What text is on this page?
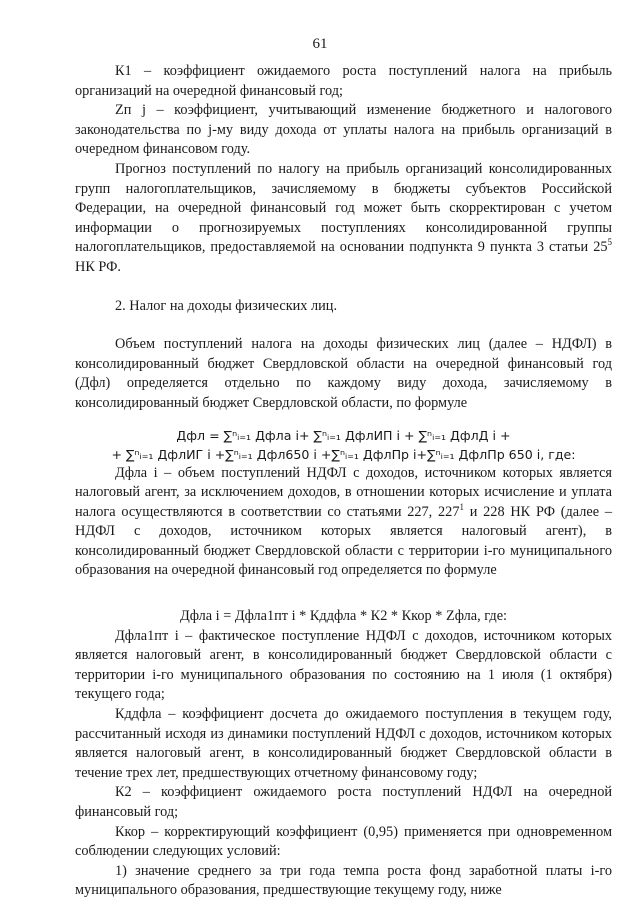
61

К1 – коэффициент ожидаемого роста поступлений налога на прибыль организаций на очередной финансовый год;

Zп j – коэффициент, учитывающий изменение бюджетного и налогового законодательства по j-му виду дохода от уплаты налога на прибыль организаций в очередном финансовом году.

Прогноз поступлений по налогу на прибыль организаций консолидированных групп налогоплательщиков, зачисляемому в бюджеты субъектов Российской Федерации, на очередной финансовый год может быть скорректирован с учетом информации о прогнозируемых поступлениях консолидированной группы налогоплательщиков, предоставляемой на основании подпункта 9 пункта 3 статьи $25^5$ НК РФ.

2. Налог на доходы физических лиц.

Объем поступлений налога на доходы физических лиц (далее – НДФЛ) в консолидированный бюджет Свердловской области на очередной финансовый год (Дфл) определяется отдельно по каждому виду дохода, зачисляемому в консолидированный бюджет Свердловской области, по формуле

Дфл = ∑ⁿᵢ₌₁ Дфла i+ ∑ⁿᵢ₌₁ ДфлИП i + ∑ⁿᵢ₌₁ ДфлД i +

+ ∑ⁿᵢ₌₁ ДфлИГ i +∑ⁿᵢ₌₁ Дфл650 i +∑ⁿᵢ₌₁ ДфлПр i+∑ⁿᵢ₌₁ ДфлПр 650 i, где:

Дфла i – объем поступлений НДФЛ с доходов, источником которых является налоговый агент, за исключением доходов, в отношении которых исчисление и уплата налога осуществляются в соответствии со статьями 227, $227^1$ и 228 НК РФ (далее – НДФЛ с доходов, источником которых является налоговый агент), в консолидированный бюджет Свердловской области с территории i-го муниципального образования на очередной финансовый год определяется по формуле

Дфла i = Дфла1пт i * Кддфла * К2 * Ккор * Zфла, где:

Дфла1пт i – фактическое поступление НДФЛ с доходов, источником которых является налоговый агент, в консолидированный бюджет Свердловской области с территории i-го муниципального образования по состоянию на 1 июля (1 октября) текущего года;

Кддфла – коэффициент досчета до ожидаемого поступления в текущем году, рассчитанный исходя из динамики поступлений НДФЛ с доходов, источником которых является налоговый агент, в консолидированный бюджет Свердловской области в течение трех лет, предшествующих отчетному финансовому году;

К2 – коэффициент ожидаемого роста поступлений НДФЛ на очередной финансовый год;

Ккор – корректирующий коэффициент (0,95) применяется при одновременном соблюдении следующих условий:

1) значение среднего за три года темпа роста фонд заработной платы i-го муниципального образования, предшествующие текущему году, ниже
